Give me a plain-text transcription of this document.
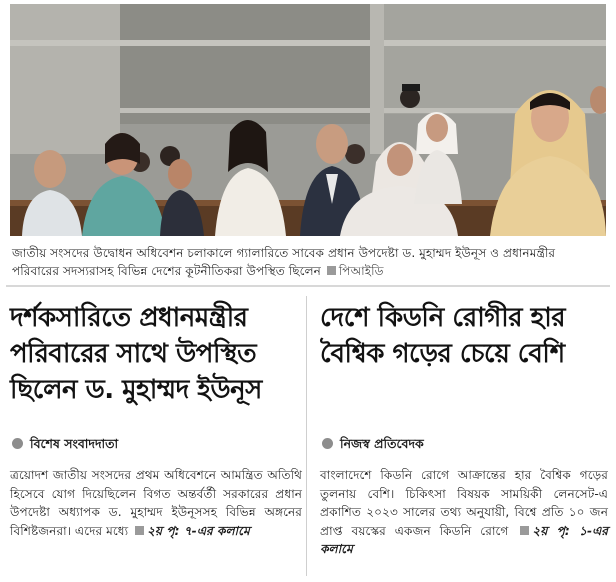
জাতীয় সংসদের উদ্বোধন অধিবেশন চলাকালে গ্যালারিতে সাবেক প্রধান উপদেষ্টা ড. মুহাম্মদ ইউনূস ও প্রধানমন্ত্রীর পরিবারের সদস্যরাসহ বিভিন্ন দেশের কূটনীতিকরা উপস্থিত ছিলেন পিআইডি
দর্শকসারিতে প্রধানমন্ত্রীর পরিবারের সাথে উপস্থিত ছিলেন ড. মুহাম্মদ ইউনূস
বিশেষ সংবাদদাতা
ত্রয়োদশ জাতীয় সংসদের প্রথম অধিবেশনে আমন্ত্রিত অতিথি হিসেবে যোগ দিয়েছিলেন বিগত অন্তর্বর্তী সরকারের প্রধান উপদেষ্টা অধ্যাপক ড. মুহাম্মদ ইউনূসসহ বিভিন্ন অঙ্গনের বিশিষ্টজনরা। এদের মধ্যে ২য় পৃ: ৭-এর কলামে
দেশে কিডনি রোগীর হার বৈশ্বিক গড়ের চেয়ে বেশি
নিজস্ব প্রতিবেদক
বাংলাদেশে কিডনি রোগে আক্রান্তের হার বৈশ্বিক গড়ের তুলনায় বেশি। চিকিৎসা বিষয়ক সাময়িকী লেনসেট-এ প্রকাশিত ২০২৩ সালের তথ্য অনুযায়ী, বিশ্বে প্রতি ১০ জন প্রাপ্ত বয়স্কের একজন কিডনি রোগে ২য় পৃ: ১-এর কলামে
